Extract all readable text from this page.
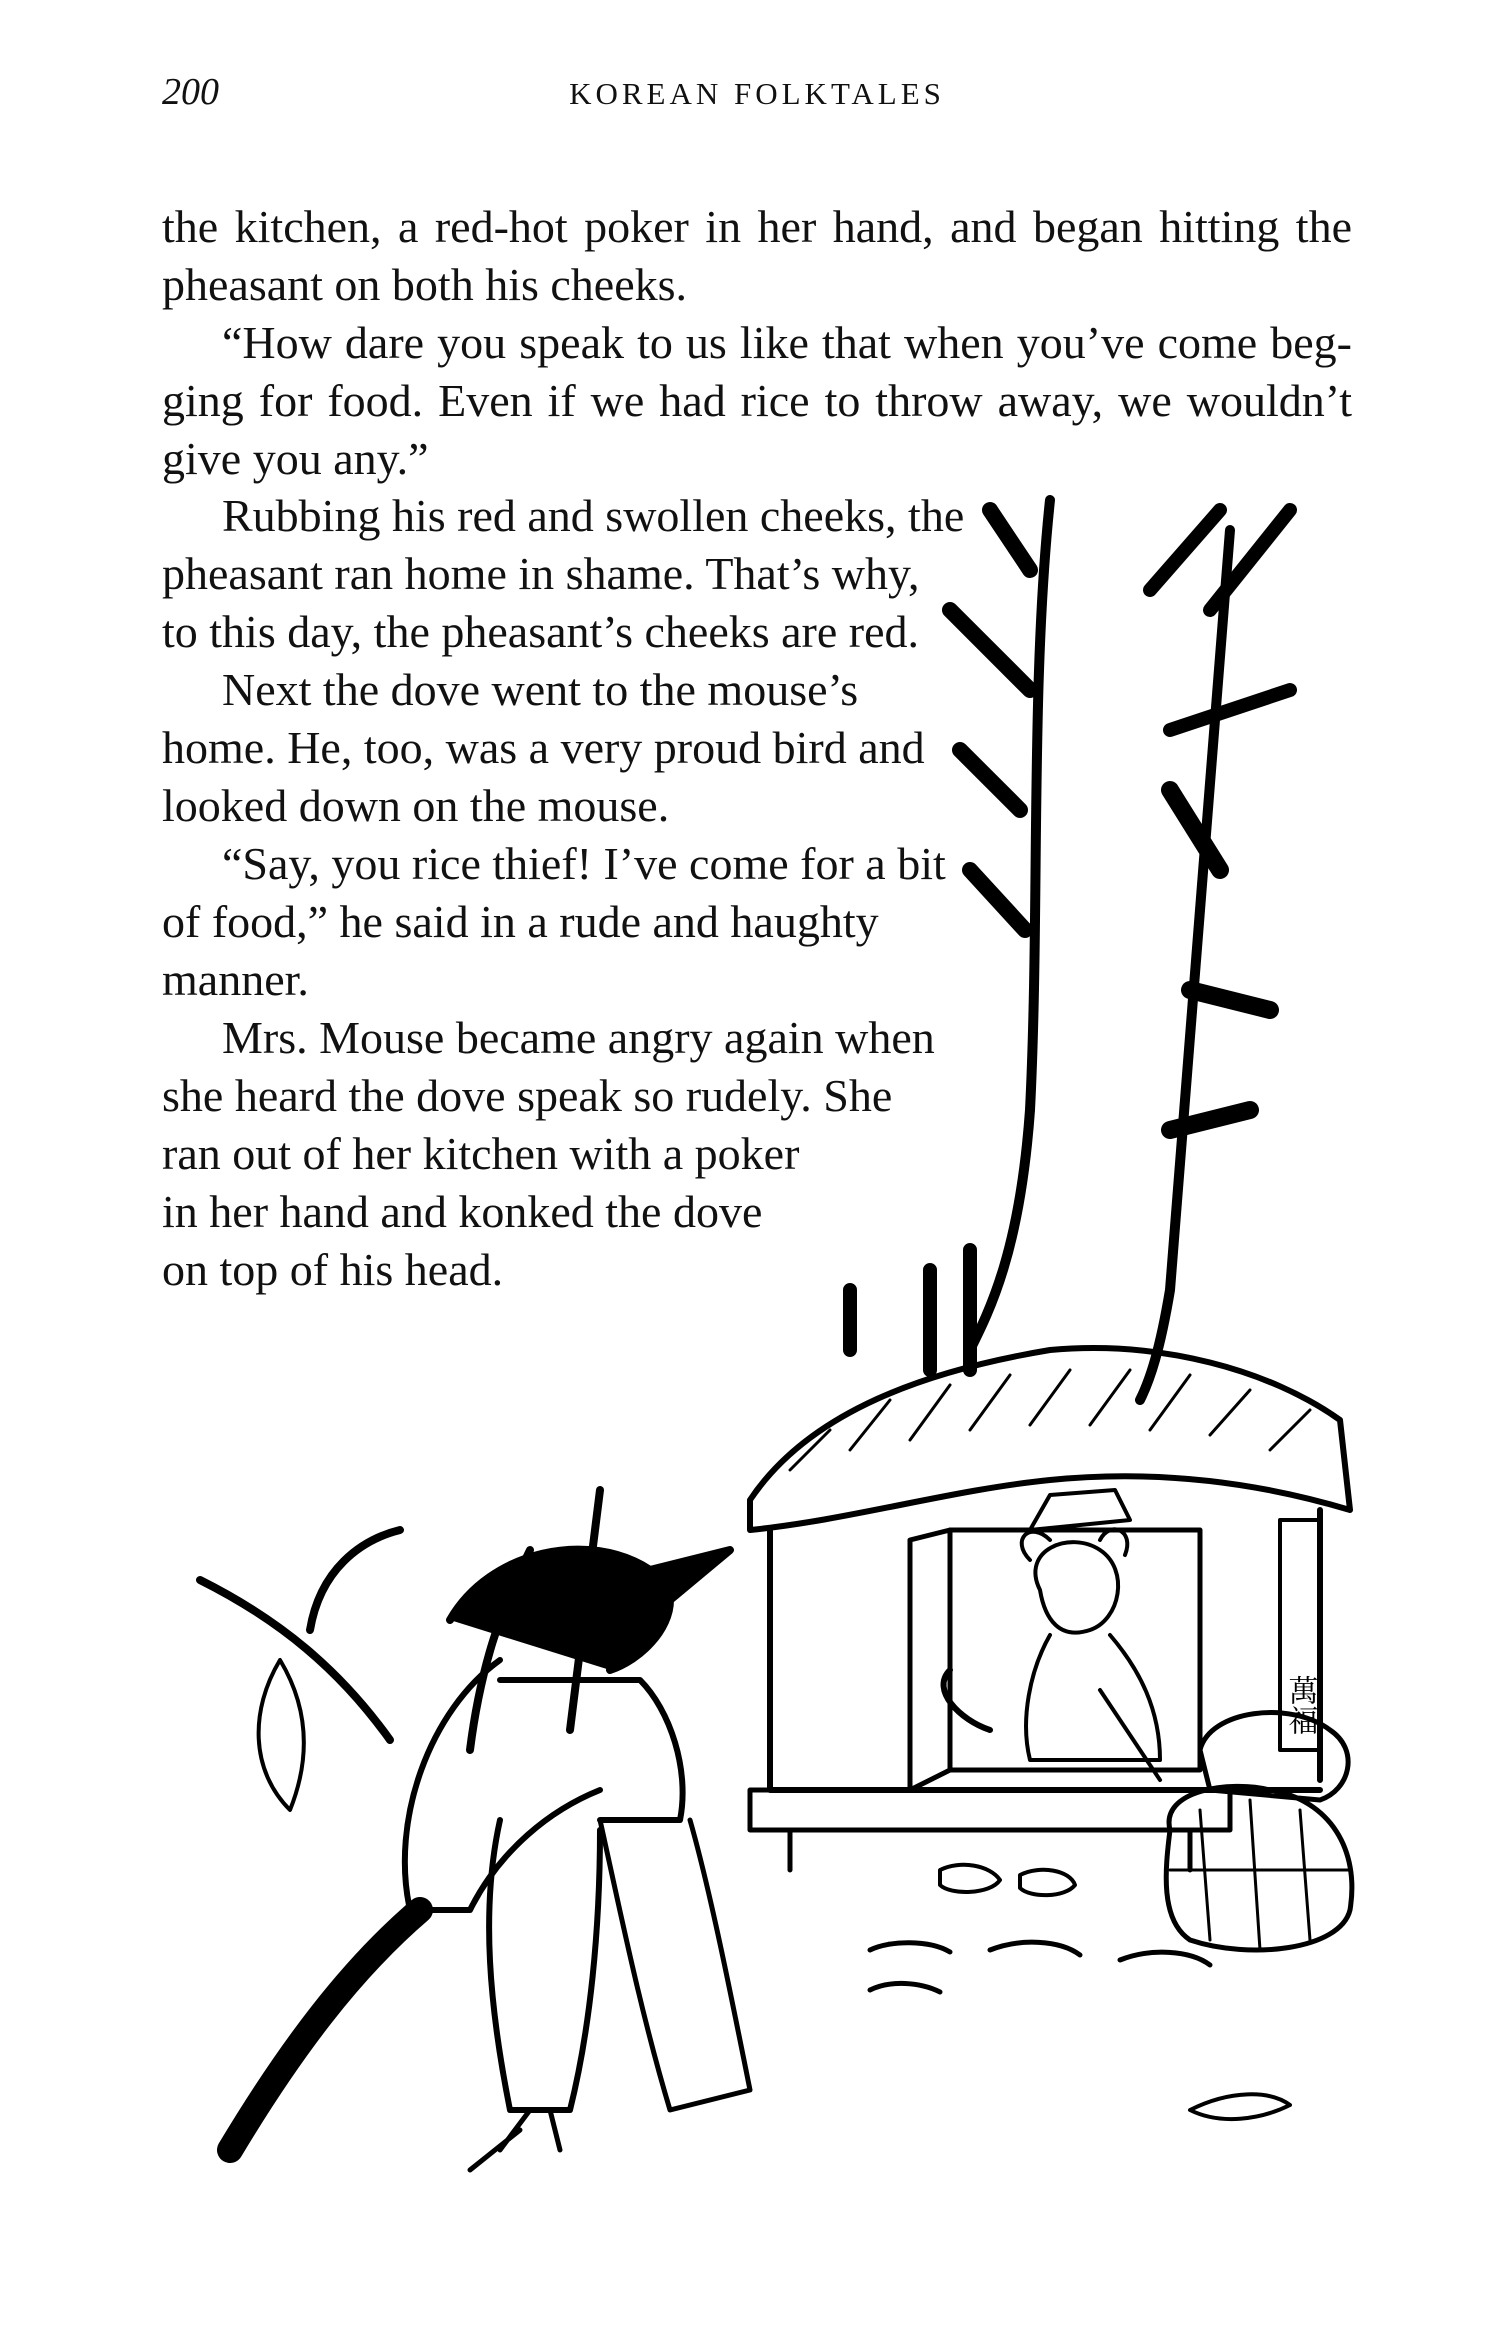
200	KOREAN FOLKTALES

the kitchen, a red-hot poker in her hand, and began hitting the pheasant on both his cheeks.

“How dare you speak to us like that when you’ve come beg-ging for food. Even if we had rice to throw away, we wouldn’t give you any.”

萬福
Rubbing his red and swollen cheeks, the
pheasant ran home in shame. That’s why,
to this day, the pheasant’s cheeks are red.
Next the dove went to the mouse’s
home. He, too, was a very proud bird and
looked down on the mouse.
“Say, you rice thief! I’ve come for a bit
of food,” he said in a rude and haughty
manner.
Mrs. Mouse became angry again when
she heard the dove speak so rudely. She
ran out of her kitchen with a poker
in her hand and konked the dove
on top of his head.
